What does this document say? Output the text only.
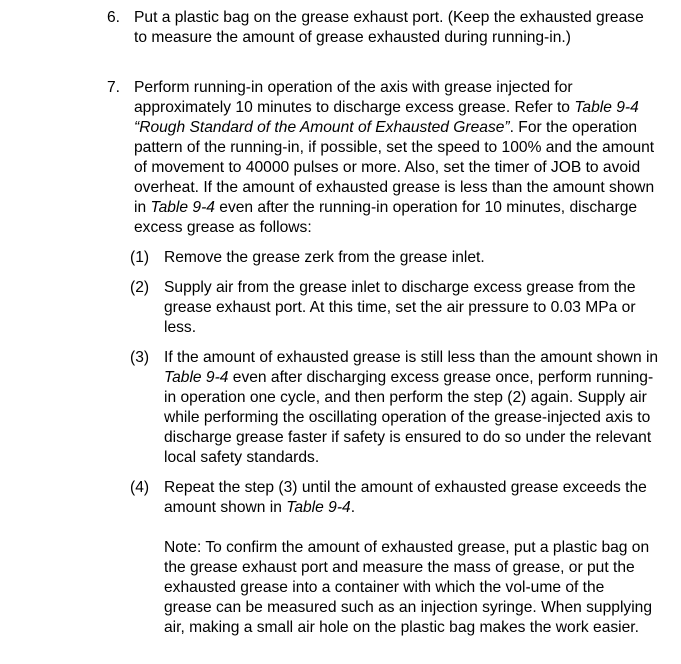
6. Put a plastic bag on the grease exhaust port. (Keep the exhausted grease to measure the amount of grease exhausted during running-in.)

7. Perform running-in operation of the axis with grease injected for approximately 10 minutes to discharge excess grease. Refer to Table 9-4 “Rough Standard of the Amount of Exhausted Grease”. For the operation pattern of the running-in, if possible, set the speed to 100% and the amount of movement to 40000 pulses or more. Also, set the timer of JOB to avoid overheat. If the amount of exhausted grease is less than the amount shown in Table 9-4 even after the running-in operation for 10 minutes, discharge excess grease as follows:

(1) Remove the grease zerk from the grease inlet.

(2) Supply air from the grease inlet to discharge excess grease from the grease exhaust port. At this time, set the air pressure to 0.03 MPa or less.

(3) If the amount of exhausted grease is still less than the amount shown in Table 9-4 even after discharging excess grease once, perform running-in operation one cycle, and then perform the step (2) again. Supply air while performing the oscillating operation of the grease-injected axis to discharge grease faster if safety is ensured to do so under the relevant local safety standards.

(4) Repeat the step (3) until the amount of exhausted grease exceeds the amount shown in Table 9-4.

Note: To confirm the amount of exhausted grease, put a plastic bag on the grease exhaust port and measure the mass of grease, or put the exhausted grease into a container with which the vol-ume of the grease can be measured such as an injection syringe. When supplying air, making a small air hole on the plastic bag makes the work easier.
